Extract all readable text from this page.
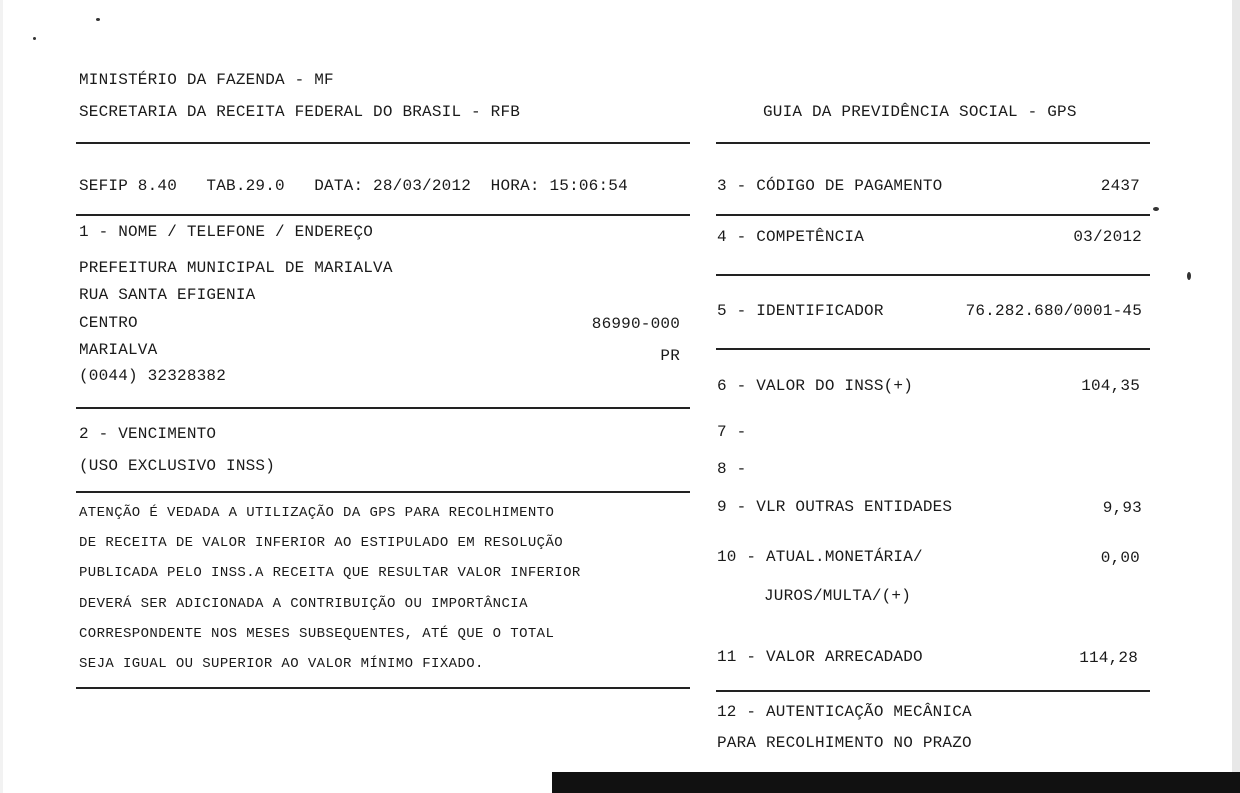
MINISTÉRIO DA FAZENDA - MF
SECRETARIA DA RECEITA FEDERAL DO BRASIL - RFB	GUIA DA PREVIDÊNCIA SOCIAL - GPS
SEFIP 8.40   TAB.29.0   DATA: 28/03/2012  HORA: 15:06:54
1 - NOME / TELEFONE / ENDEREÇO
PREFEITURA MUNICIPAL DE MARIALVA
RUA SANTA EFIGENIA
CENTRO	86990-000
MARIALVA	PR
(0044) 32328382
2 - VENCIMENTO
(USO EXCLUSIVO INSS)
ATENÇÃO É VEDADA A UTILIZAÇÃO DA GPS PARA RECOLHIMENTO
DE RECEITA DE VALOR INFERIOR AO ESTIPULADO EM RESOLUÇÃO
PUBLICADA PELO INSS.A RECEITA QUE RESULTAR VALOR INFERIOR
DEVERÁ SER ADICIONADA A CONTRIBUIÇÃO OU IMPORTÂNCIA
CORRESPONDENTE NOS MESES SUBSEQUENTES, ATÉ QUE O TOTAL
SEJA IGUAL OU SUPERIOR AO VALOR MÍNIMO FIXADO.
3 - CÓDIGO DE PAGAMENTO	2437
4 - COMPETÊNCIA	03/2012
5 - IDENTIFICADOR	76.282.680/0001-45
6 - VALOR DO INSS(+)	104,35
7 -
8 -
9 - VLR OUTRAS ENTIDADES	9,93
10 - ATUAL.MONETÁRIA/	0,00
JUROS/MULTA/(+)
11 - VALOR ARRECADADO	114,28
12 - AUTENTICAÇÃO MECÂNICA
PARA RECOLHIMENTO NO PRAZO
